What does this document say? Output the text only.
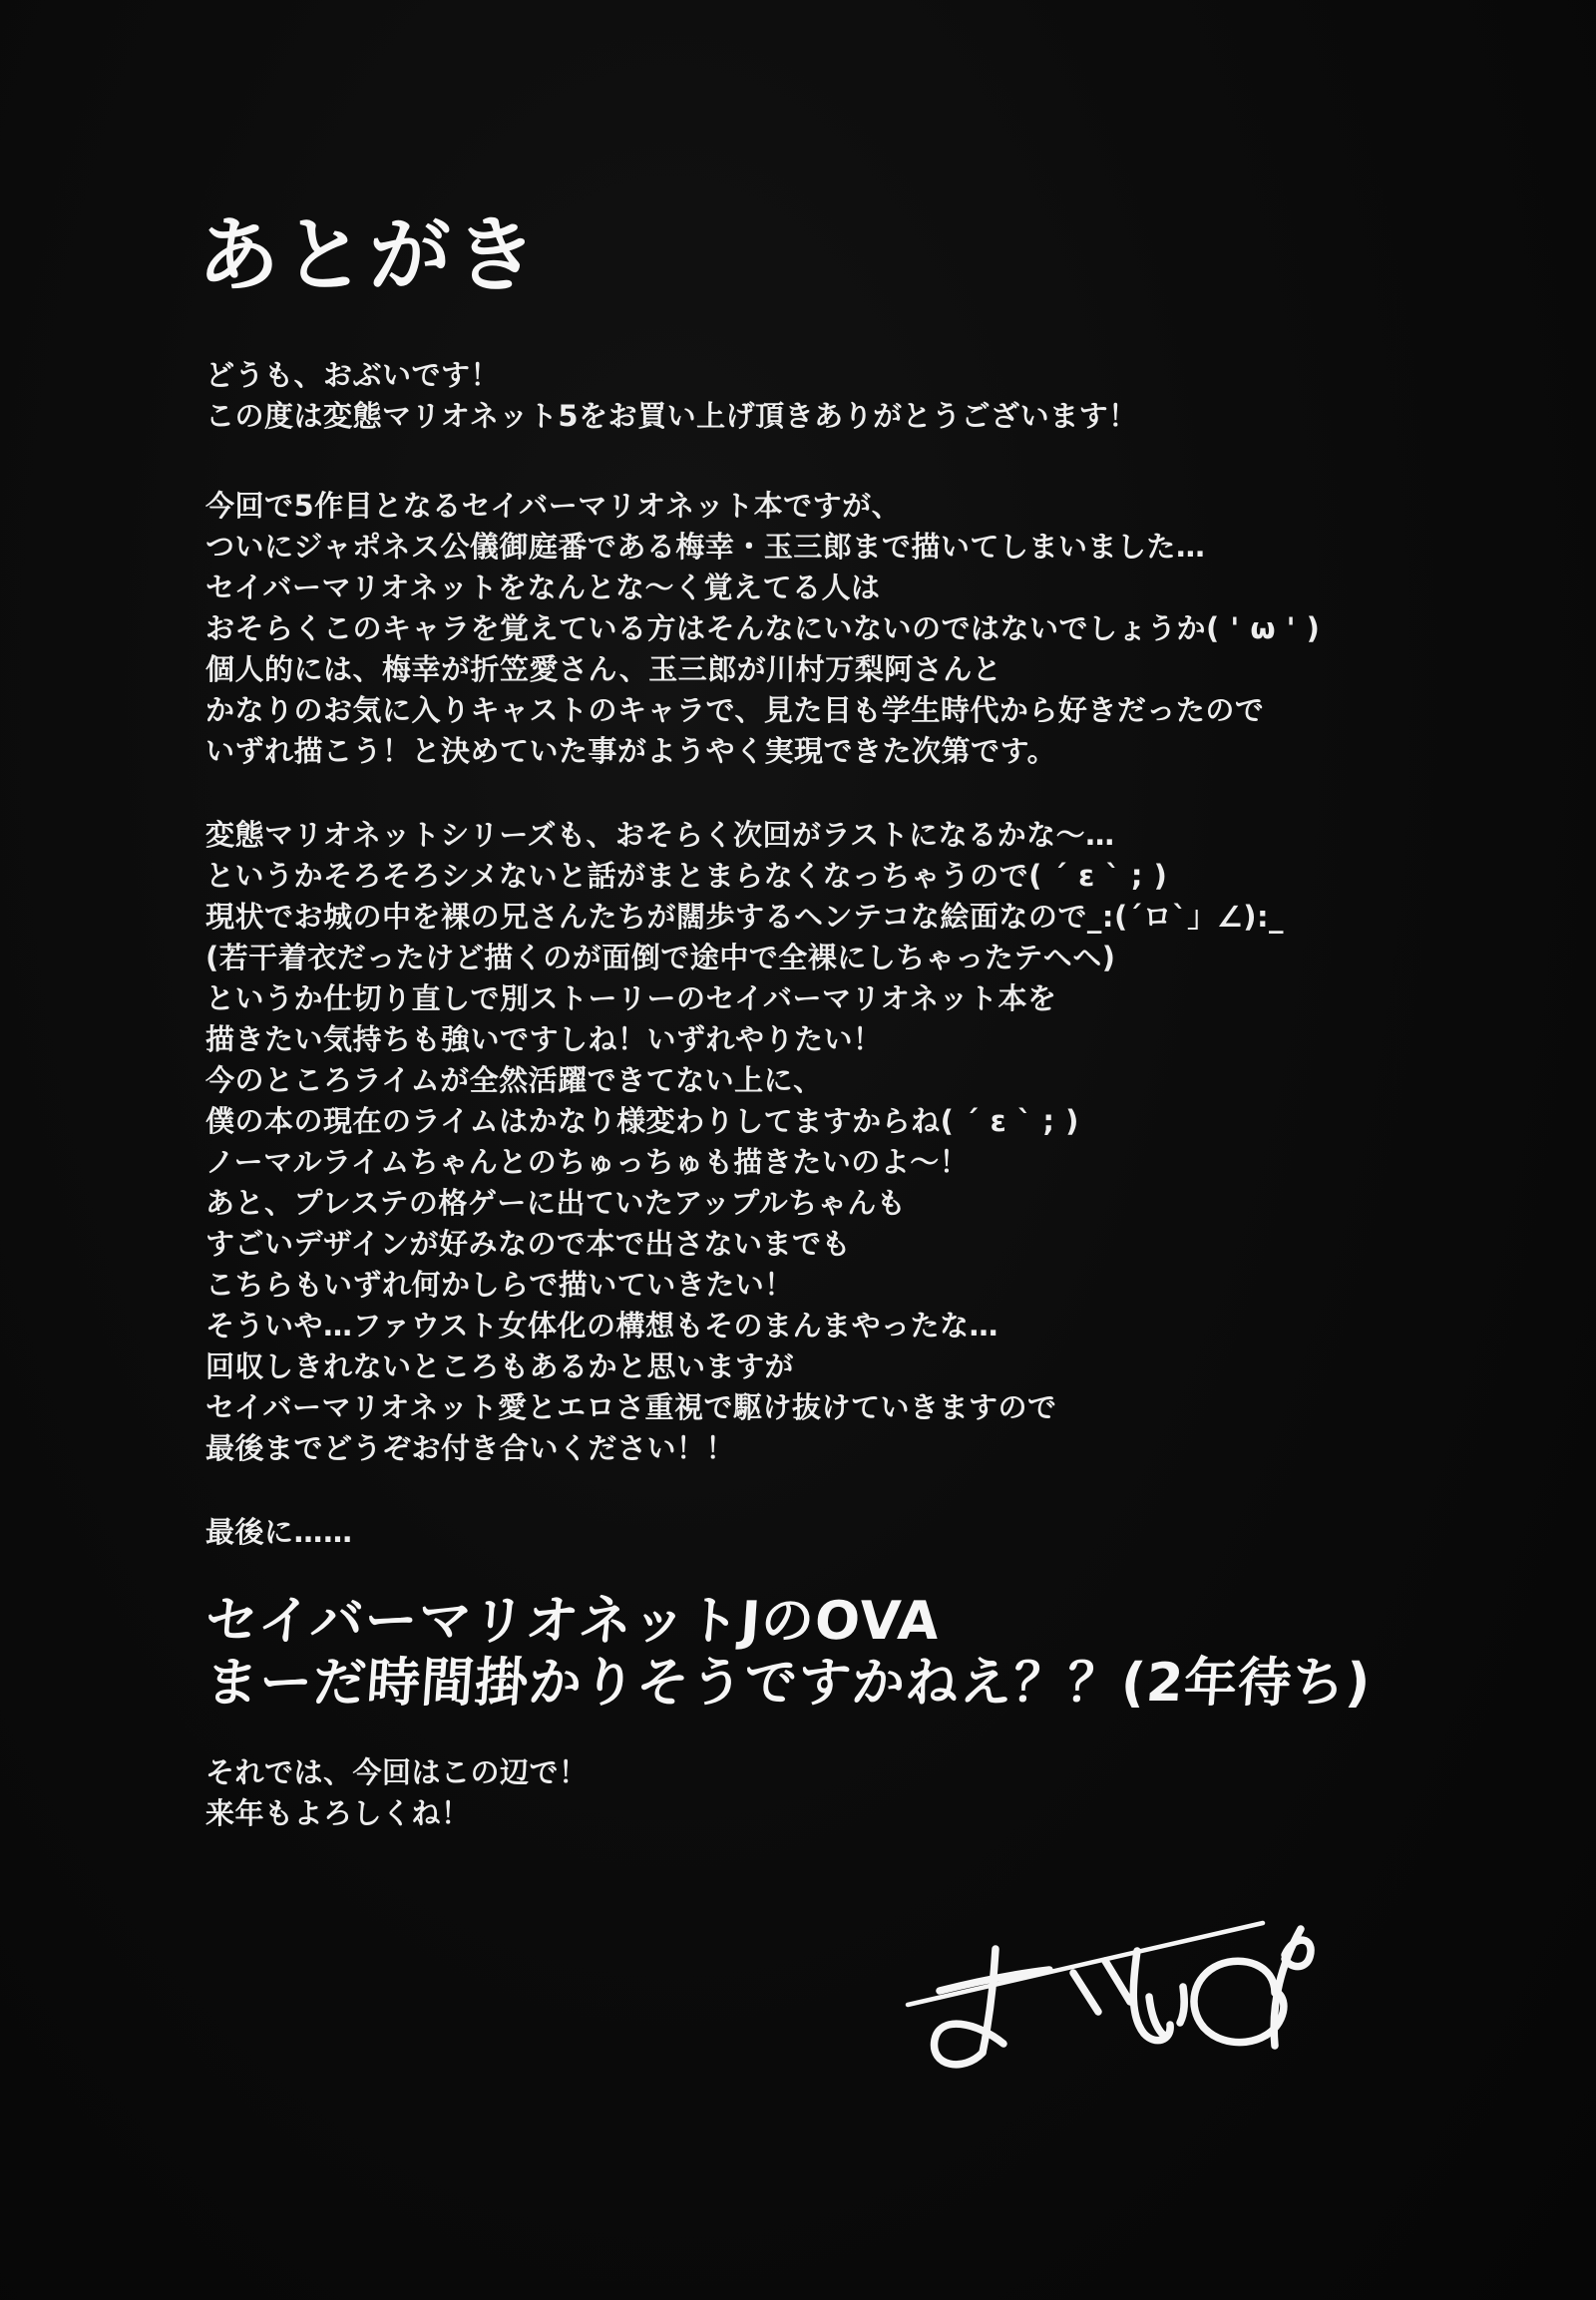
あとがき
どうも、おぶいです！
この度は変態マリオネット5をお買い上げ頂きありがとうございます！
今回で5作目となるセイバーマリオネット本ですが、
ついにジャポネス公儀御庭番である梅幸・玉三郎まで描いてしまいました…
セイバーマリオネットをなんとな〜く覚えてる人は
おそらくこのキャラを覚えている方はそんなにいないのではないでしょうか( ' ω ' )
個人的には、梅幸が折笠愛さん、玉三郎が川村万梨阿さんと
かなりのお気に入りキャストのキャラで、見た目も学生時代から好きだったので
いずれ描こう！と決めていた事がようやく実現できた次第です。
変態マリオネットシリーズも、おそらく次回がラストになるかな〜…
というかそろそろシメないと話がまとまらなくなっちゃうので( ´ ε ` ; )
現状でお城の中を裸の兄さんたちが闊歩するヘンテコな絵面なので_:(´ロ`」∠):_
(若干着衣だったけど描くのが面倒で途中で全裸にしちゃったテヘヘ)
というか仕切り直しで別ストーリーのセイバーマリオネット本を
描きたい気持ちも強いですしね！いずれやりたい！
今のところライムが全然活躍できてない上に、
僕の本の現在のライムはかなり様変わりしてますからね( ´ ε ` ; )
ノーマルライムちゃんとのちゅっちゅも描きたいのよ〜！
あと、プレステの格ゲーに出ていたアップルちゃんも
すごいデザインが好みなので本で出さないまでも
こちらもいずれ何かしらで描いていきたい！
そういや…ファウスト女体化の構想もそのまんまやったな…
回収しきれないところもあるかと思いますが
セイバーマリオネット愛とエロさ重視で駆け抜けていきますので
最後までどうぞお付き合いください！！
最後に……

セイバーマリオネットJのOVA

まーだ時間掛かりそうですかねえ？？(2年待ち)

それでは、今回はこの辺で！
来年もよろしくね！
